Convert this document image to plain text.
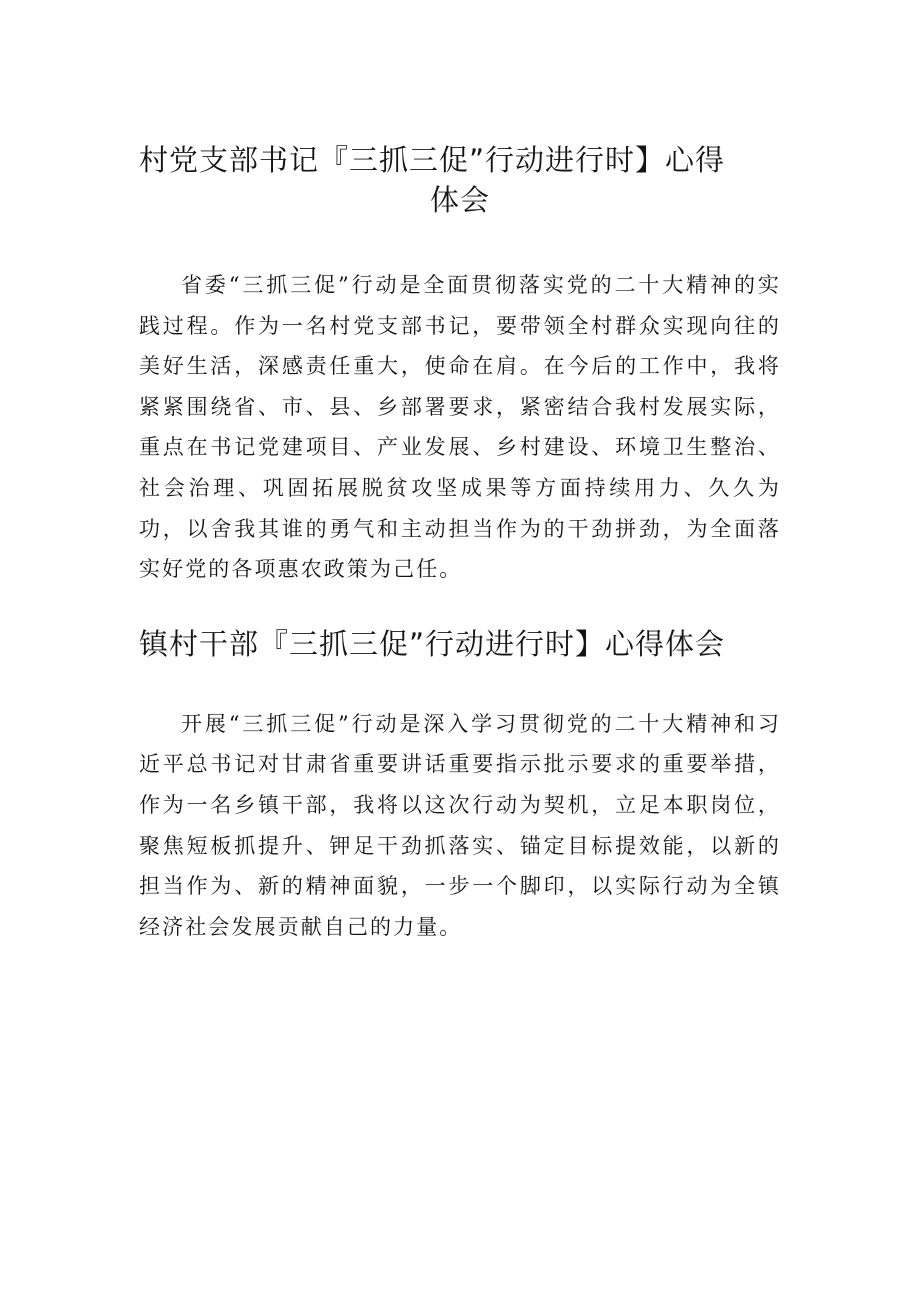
村党支部书记『三抓三促”行动进行时】心得
体会

省委“三抓三促”行动是全面贯彻落实党的二十大精神的实践过程。作为一名村党支部书记，要带领全村群众实现向往的美好生活，深感责任重大，使命在肩。在今后的工作中，我将紧紧围绕省、市、县、乡部署要求，紧密结合我村发展实际，重点在书记党建项目、产业发展、乡村建设、环境卫生整治、社会治理、巩固拓展脱贫攻坚成果等方面持续用力、久久为功，以舍我其谁的勇气和主动担当作为的干劲拼劲，为全面落实好党的各项惠农政策为己任。

镇村干部『三抓三促”行动进行时】心得体会

开展“三抓三促”行动是深入学习贯彻党的二十大精神和习近平总书记对甘肃省重要讲话重要指示批示要求的重要举措，作为一名乡镇干部，我将以这次行动为契机，立足本职岗位，聚焦短板抓提升、钾足干劲抓落实、锚定目标提效能，以新的担当作为、新的精神面貌，一步一个脚印，以实际行动为全镇经济社会发展贡献自己的力量。
